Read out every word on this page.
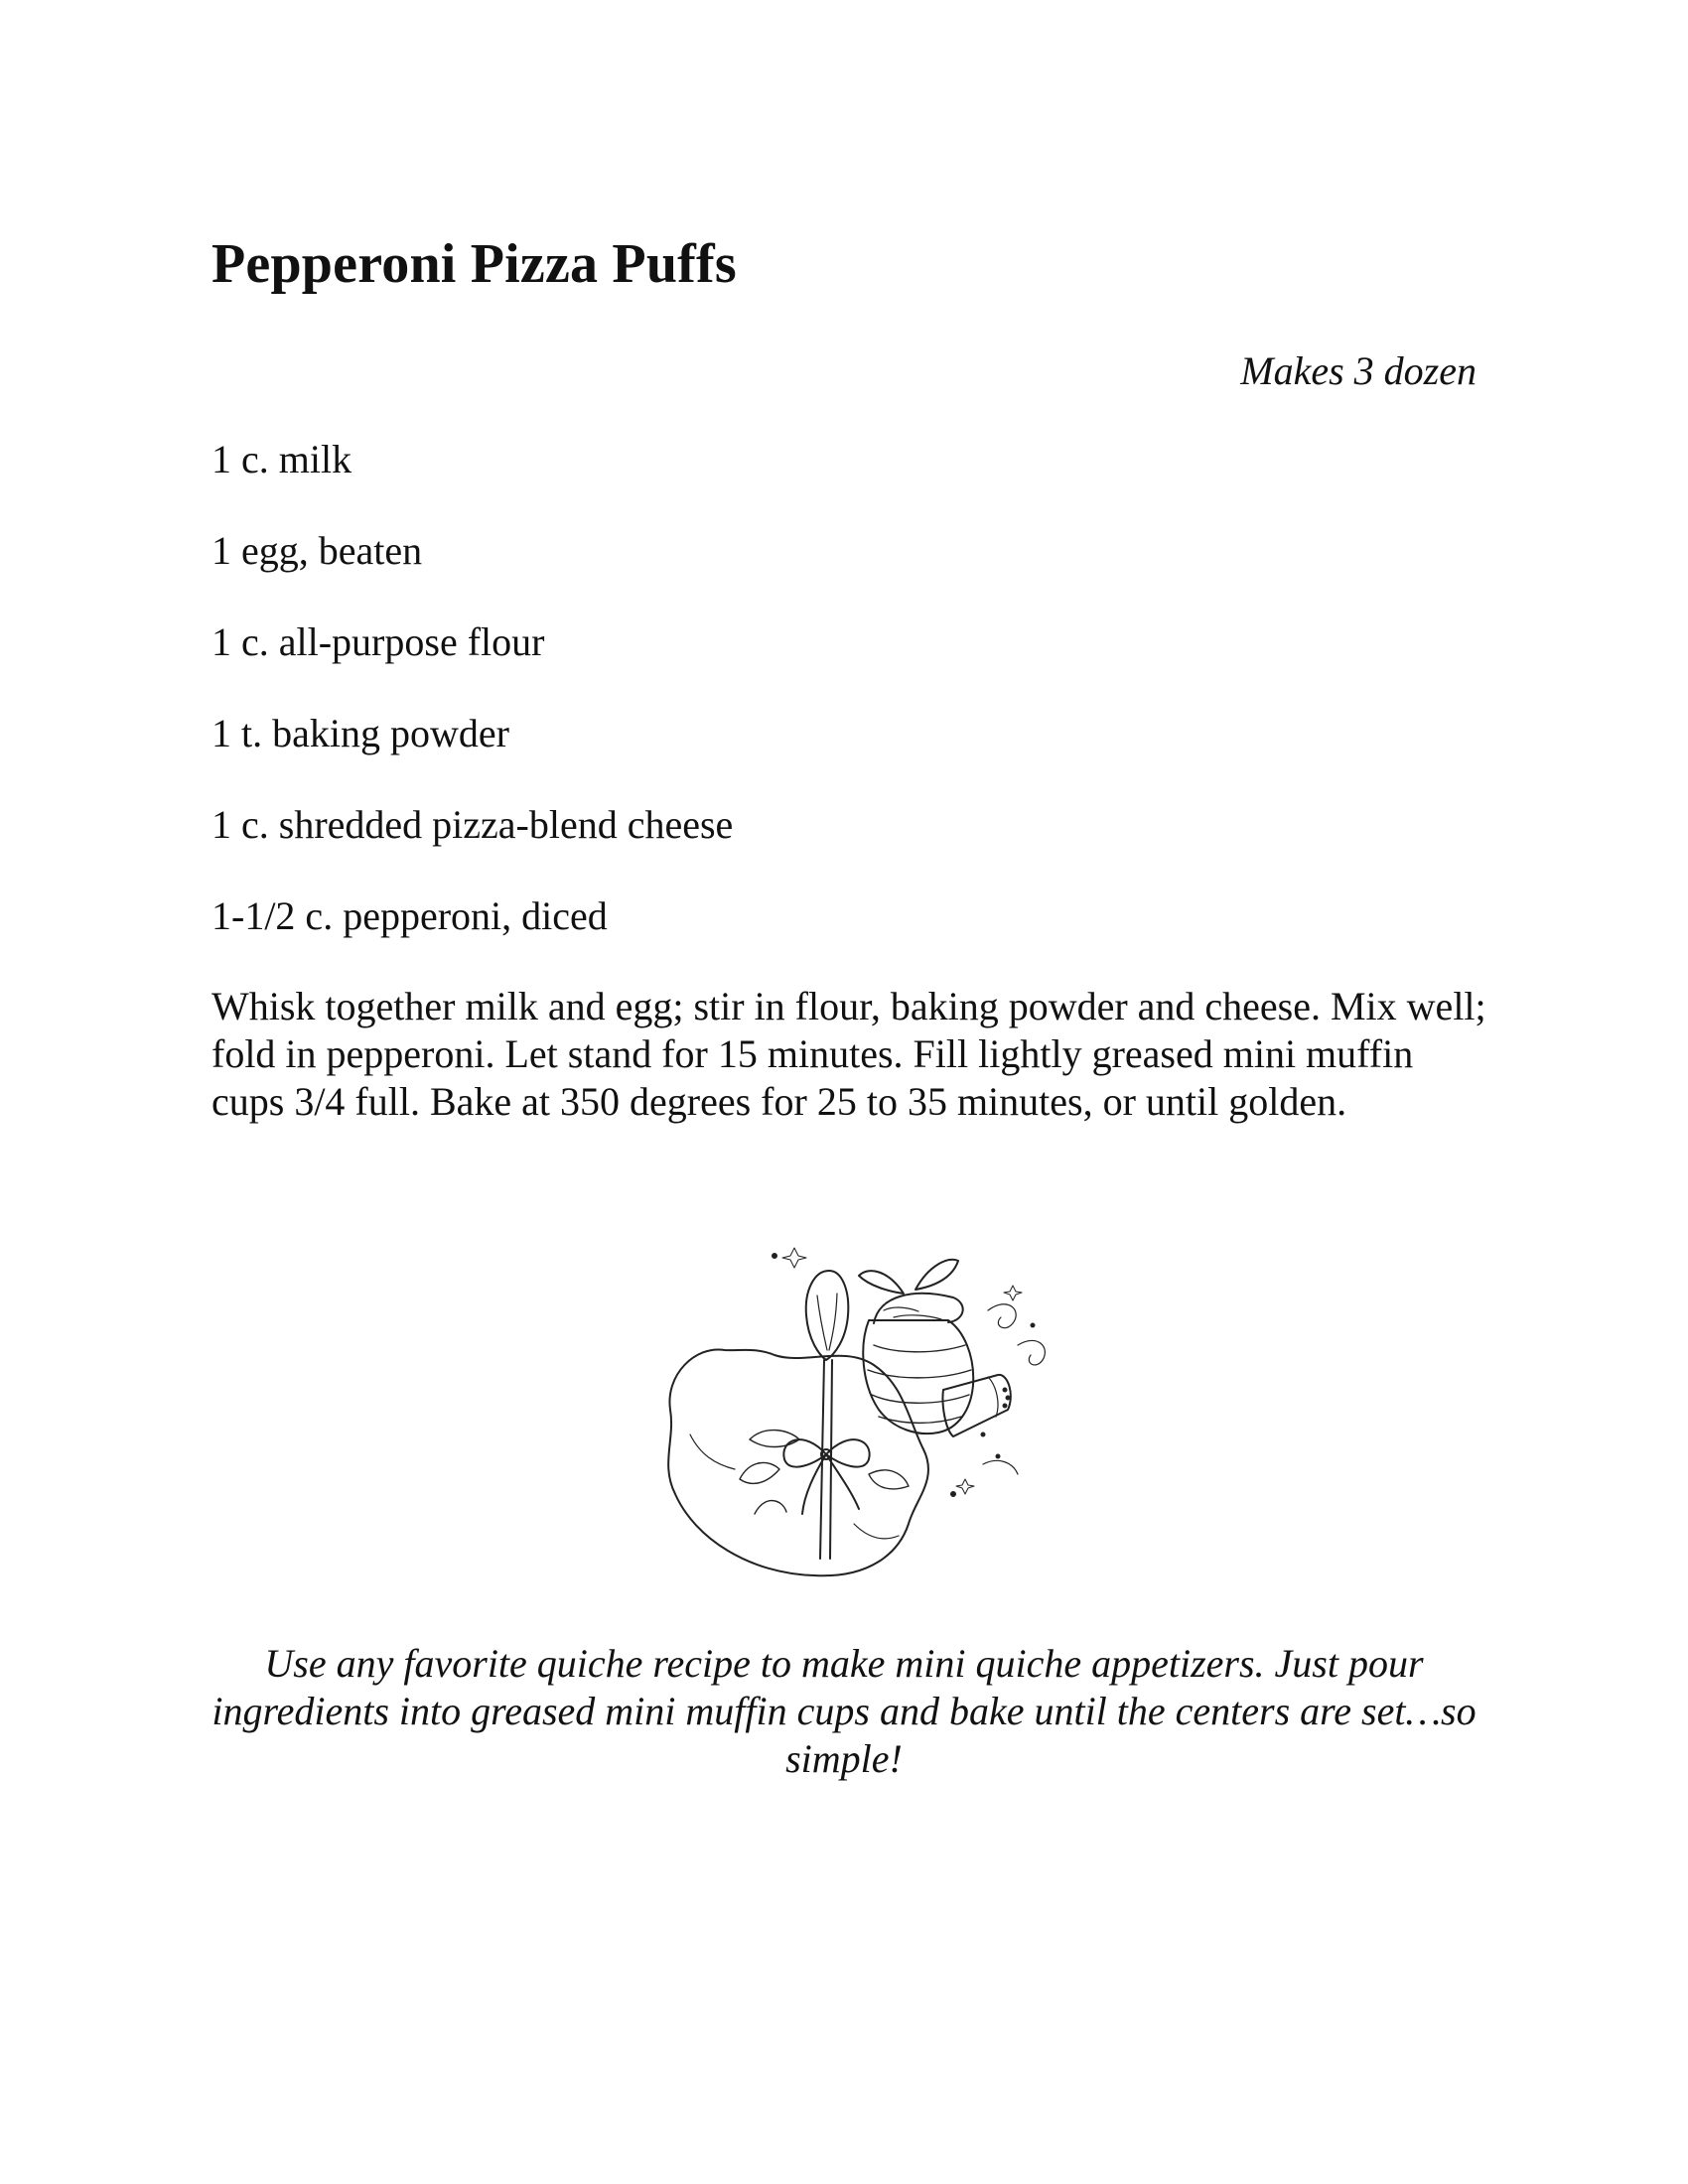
Pepperoni Pizza Puffs

Makes 3 dozen

1 c. milk
1 egg, beaten
1 c. all-purpose flour
1 t. baking powder
1 c. shredded pizza-blend cheese
1-1/2 c. pepperoni, diced

Whisk together milk and egg; stir in flour, baking powder and cheese. Mix well; fold in pepperoni. Let stand for 15 minutes. Fill lightly greased mini muffin cups 3/4 full. Bake at 350 degrees for 25 to 35 minutes, or until golden.

Use any favorite quiche recipe to make mini quiche appetizers. Just pour ingredients into greased mini muffin cups and bake until the centers are set…so simple!
